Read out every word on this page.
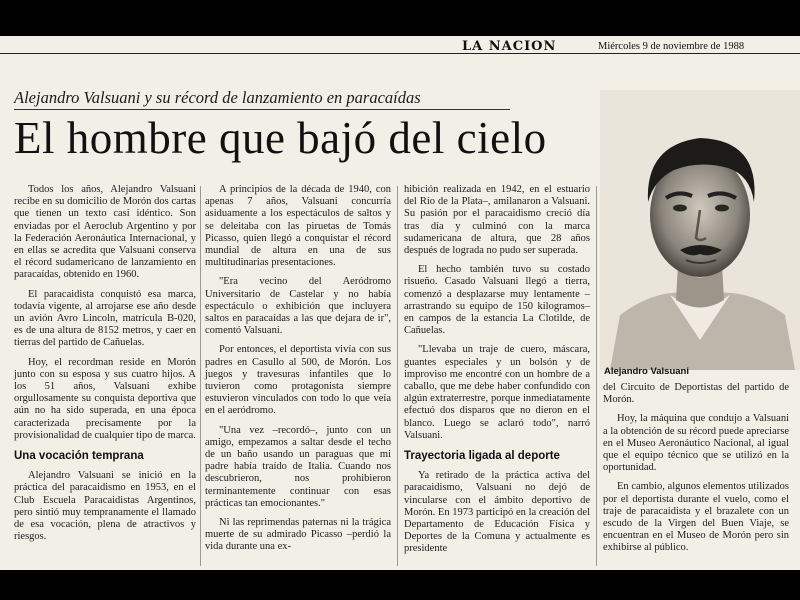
LA NACION	Miércoles 9 de noviembre de 1988
Alejandro Valsuani y su récord de lanzamiento en paracaídas
El hombre que bajó del cielo

Todos los años, Alejandro Valsuani recibe en su domicilio de Morón dos cartas que tienen un texto casi idéntico. Son enviadas por el Aeroclub Argentino y por la Federación Aeronáutica Internacional, y en ellas se acredita que Valsuani conserva el récord sudamericano de lanzamiento en paracaídas, obtenido en 1960.

El paracaidista conquistó esa marca, todavía vigente, al arrojarse ese año desde un avión Avro Lincoln, matrícula B-020, es de una altura de 8152 metros, y caer en tierras del partido de Cañuelas.

Hoy, el recordman reside en Morón junto con su esposa y sus cuatro hijos. A los 51 años, Valsuani exhibe orgullosamente su conquista deportiva que aún no ha sido superada, en una época caracterizada precisamente por la provisionalidad de cualquier tipo de marca.

Una vocación temprana

Alejandro Valsuani se inició en la práctica del paracaidismo en 1953, en el Club Escuela Paracaidistas Argentinos, pero sintió muy tempranamente el llamado de esa vocación, plena de atractivos y riesgos.

A principios de la década de 1940, con apenas 7 años, Valsuani concurría asiduamente a los espectáculos de saltos y se deleitaba con las piruetas de Tomás Picasso, quien llegó a conquistar el récord mundial de altura en una de sus multitudinarias presentaciones.

"Era vecino del Aeródromo Universitario de Castelar y no había espectáculo o exhibición que incluyera saltos en paracaídas a las que dejara de ir", comentó Valsuani.

Por entonces, el deportista vivía con sus padres en Casullo al 500, de Morón. Los juegos y travesuras infantiles que lo tuvieron como protagonista siempre estuvieron vinculados con todo lo que veía en el aeródromo.

"Una vez –recordó–, junto con un amigo, empezamos a saltar desde el techo de un baño usando un paraguas que mi padre había traído de Italia. Cuando nos descubrieron, nos prohibieron terminantemente continuar con esas prácticas tan emocionantes."

Ni las reprimendas paternas ni la trágica muerte de su admirado Picasso –perdió la vida durante una ex-

hibición realizada en 1942, en el estuario del Río de la Plata–, amilanaron a Valsuani. Su pasión por el paracaidismo creció día tras día y culminó con la marca sudamericana de altura, que 28 años después de lograda no pudo ser superada.

El hecho también tuvo su costado risueño. Casado Valsuani llegó a tierra, comenzó a desplazarse muy lentamente –arrastrando su equipo de 150 kilogramos– en campos de la estancia La Clotilde, de Cañuelas.

"Llevaba un traje de cuero, máscara, guantes especiales y un bolsón y de improviso me encontré con un hombre de a caballo, que me debe haber confundido con algún extraterrestre, porque inmediatamente efectuó dos disparos que no dieron en el blanco. Luego se aclaró todo", narró Valsuani.

Trayectoria ligada al deporte

Ya retirado de la práctica activa del paracaidismo, Valsuani no dejó de vincularse con el ámbito deportivo de Morón. En 1973 participó en la creación del Departamento de Educación Física y Deportes de la Comuna y actualmente es presidente

del Circuito de Deportistas del partido de Morón.

Hoy, la máquina que condujo a Valsuani a la obtención de su récord puede apreciarse en el Museo Aeronáutico Nacional, al igual que el equipo técnico que se utilizó en la oportunidad.

En cambio, algunos elementos utilizados por el deportista durante el vuelo, como el traje de paracaidista y el brazalete con un escudo de la Virgen del Buen Viaje, se encuentran en el Museo de Morón pero sin exhibirse al público.

Alejandro Valsuani
